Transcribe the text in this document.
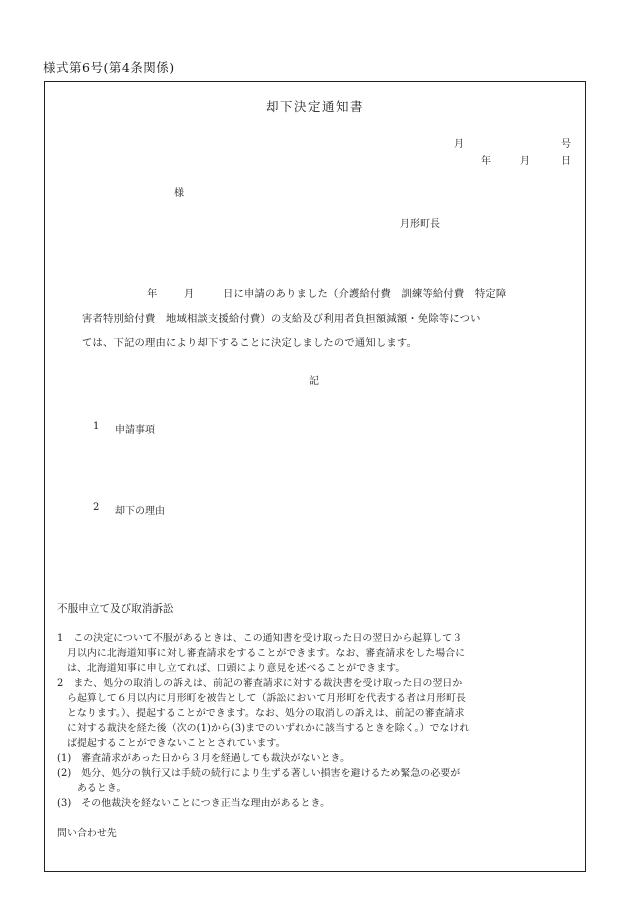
様式第6号(第4条関係)
却下決定通知書
月	号
年	月	日
様
月形町長
年	月	日に申請のありました（介護給付費　訓練等給付費　特定障
害者特別給付費　地域相談支援給付費）の支給及び利用者負担額減額・免除等につい
ては、下記の理由により却下することに決定しましたので通知します。
記
1 申請事項
2 却下の理由
不服申立て及び取消訴訟
1　この決定について不服があるときは、この通知書を受け取った日の翌日から起算して３
　月以内に北海道知事に対し審査請求をすることができます。なお、審査請求をした場合に
　は、北海道知事に申し立てれば、口頭により意見を述べることができます。
2　また、処分の取消しの訴えは、前記の審査請求に対する裁決書を受け取った日の翌日か
　ら起算して６月以内に月形町を被告として（訴訟において月形町を代表する者は月形町長
　となります。）、提起することができます。なお、処分の取消しの訴えは、前記の審査請求
　に対する裁決を経た後（次の(1)から(3)までのいずれかに該当するときを除く。）でなけれ
　ば提起することができないこととされています。
(1)　審査請求があった日から３月を経過しても裁決がないとき。
(2)　処分、処分の執行又は手続の続行により生ずる著しい損害を避けるため緊急の必要が
　　あるとき。
(3)　その他裁決を経ないことにつき正当な理由があるとき。
問い合わせ先
